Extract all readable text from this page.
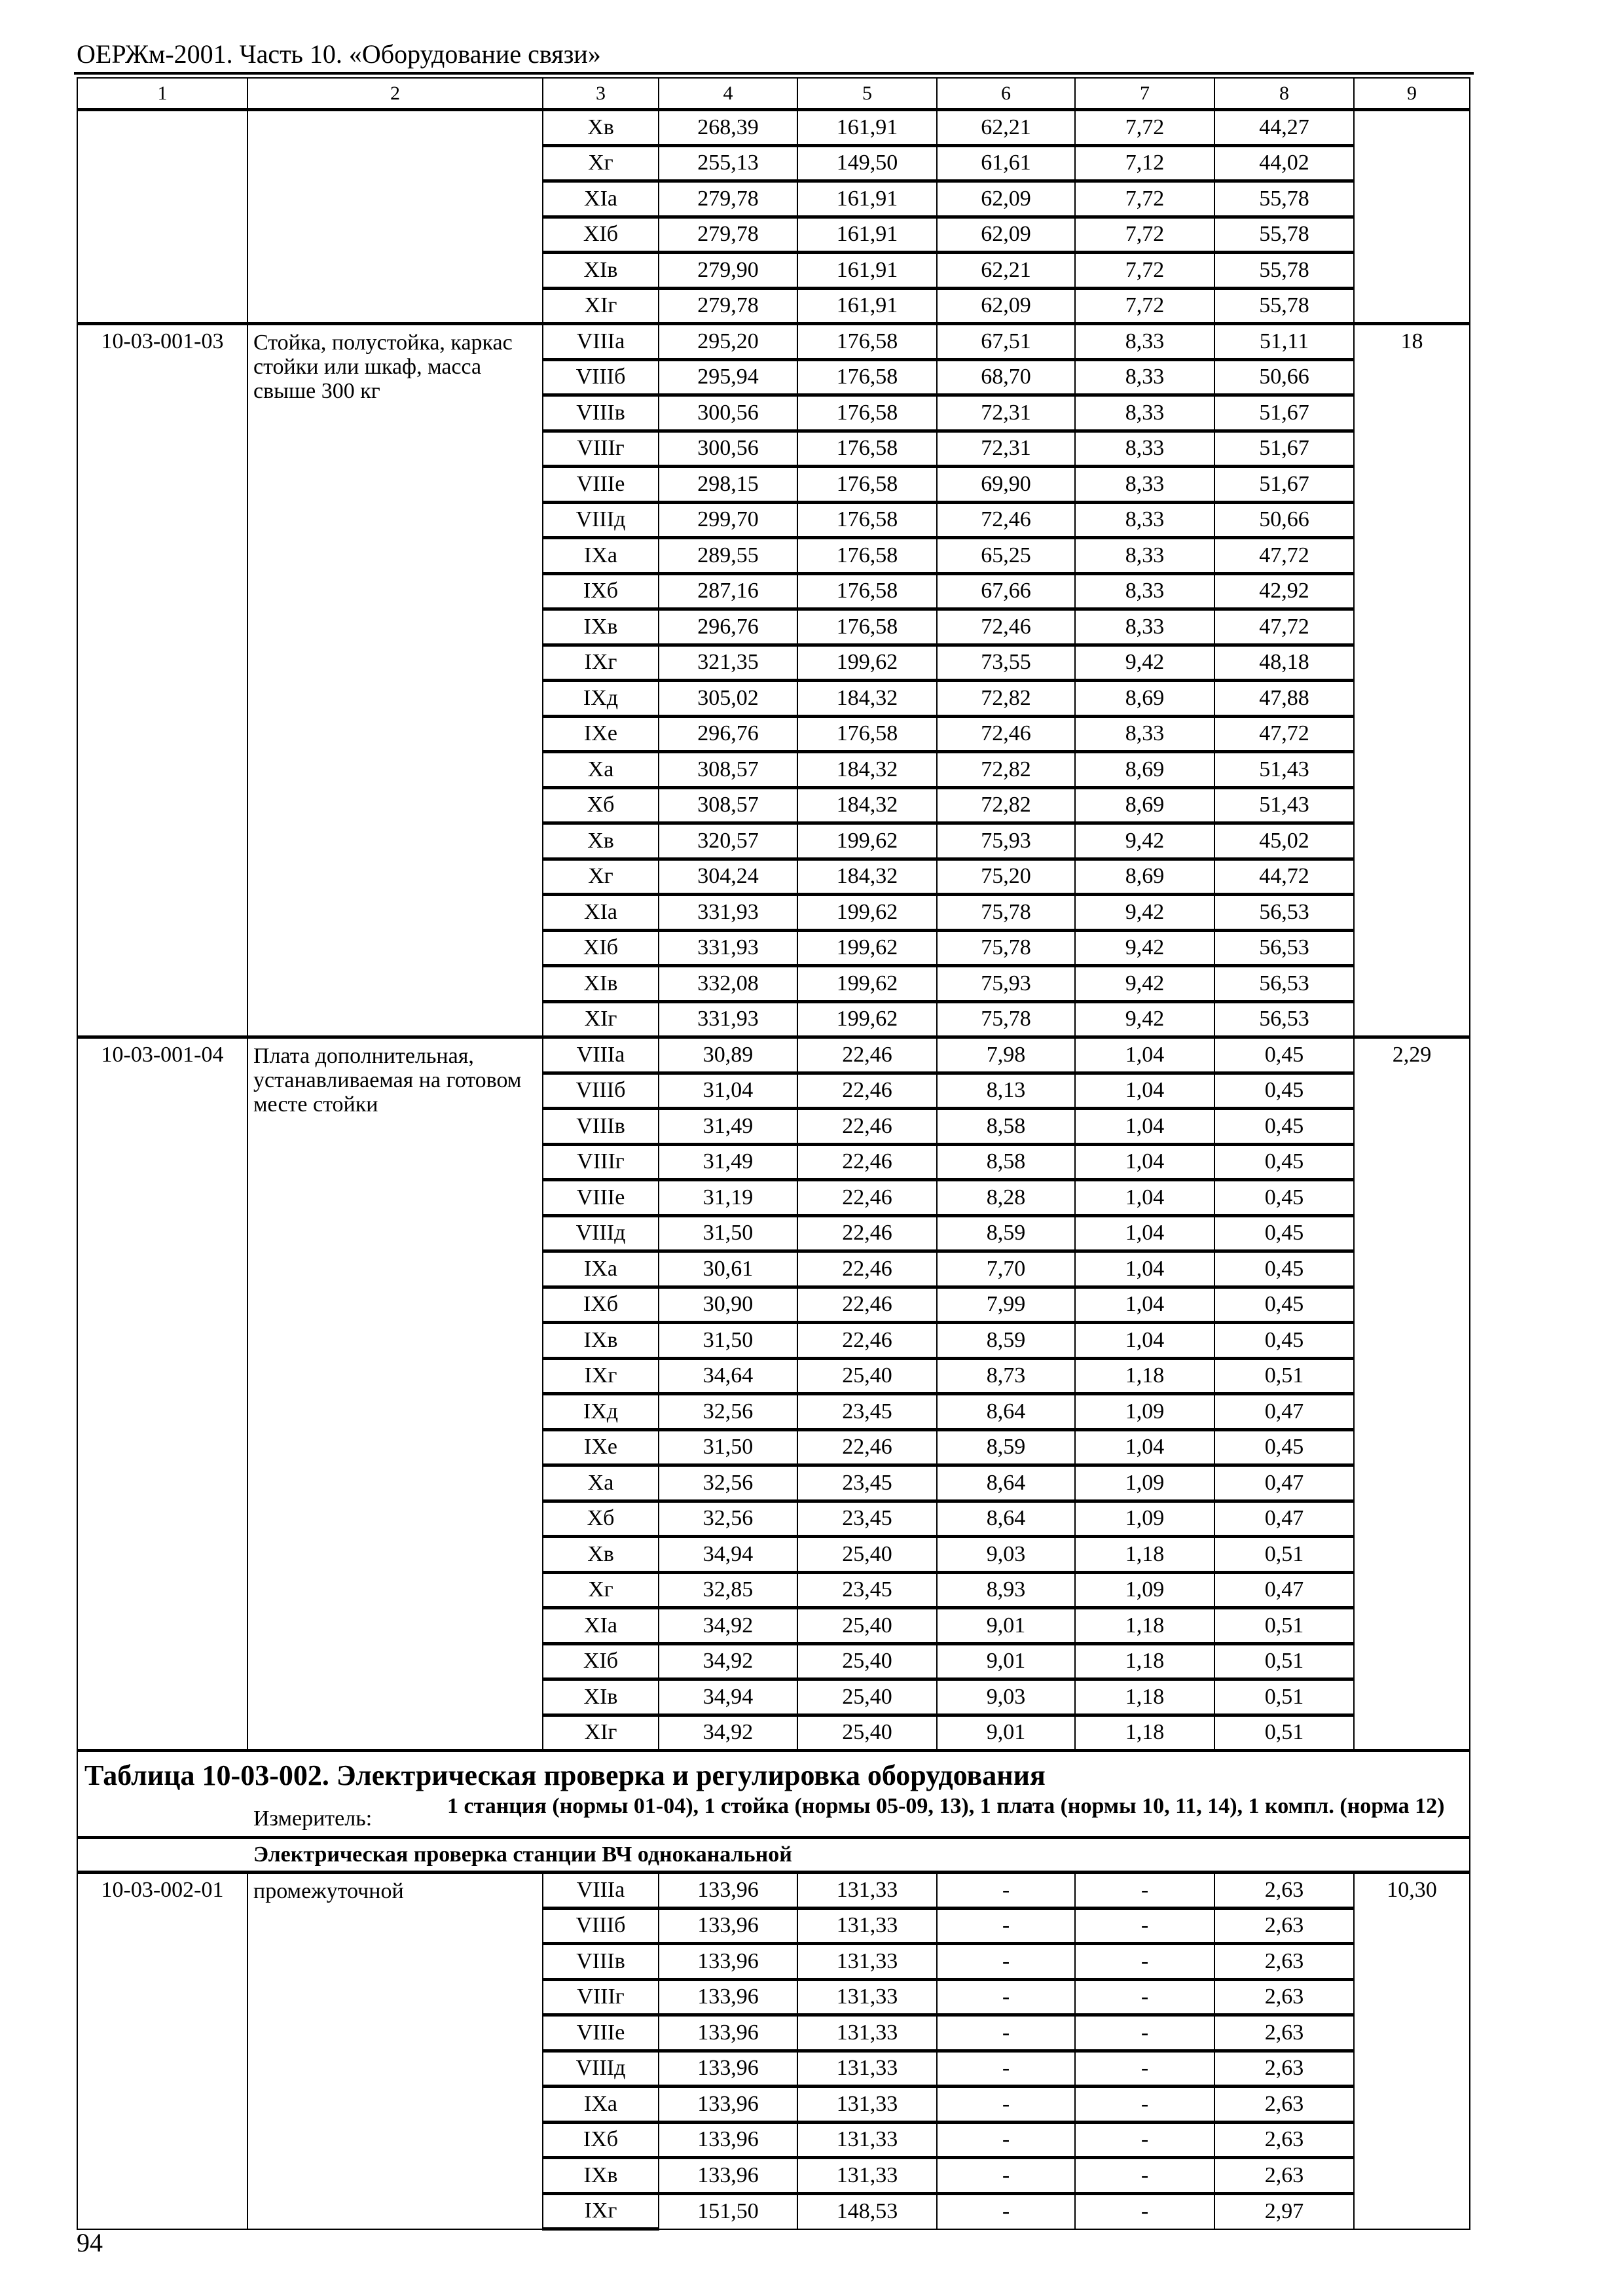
ОЕРЖм-2001. Часть 10. «Оборудование связи»
1	2	3	4	5	6	7	8	9
		Xв	268,39	161,91	62,21	7,72	44,27	
		Xг	255,13	149,50	61,61	7,12	44,02	
		XIа	279,78	161,91	62,09	7,72	55,78	
		XIб	279,78	161,91	62,09	7,72	55,78	
		XIв	279,90	161,91	62,21	7,72	55,78	
		XIг	279,78	161,91	62,09	7,72	55,78	
10-03-001-03	Стойка, полустойка, каркас стойки или шкаф, масса свыше 300 кг	VIIIа	295,20	176,58	67,51	8,33	51,11	18
		VIIIб	295,94	176,58	68,70	8,33	50,66	
		VIIIв	300,56	176,58	72,31	8,33	51,67	
		VIIIг	300,56	176,58	72,31	8,33	51,67	
		VIIIе	298,15	176,58	69,90	8,33	51,67	
		VIIIд	299,70	176,58	72,46	8,33	50,66	
		IXа	289,55	176,58	65,25	8,33	47,72	
		IXб	287,16	176,58	67,66	8,33	42,92	
		IXв	296,76	176,58	72,46	8,33	47,72	
		IXг	321,35	199,62	73,55	9,42	48,18	
		IXд	305,02	184,32	72,82	8,69	47,88	
		IXе	296,76	176,58	72,46	8,33	47,72	
		Xа	308,57	184,32	72,82	8,69	51,43	
		Xб	308,57	184,32	72,82	8,69	51,43	
		Xв	320,57	199,62	75,93	9,42	45,02	
		Xг	304,24	184,32	75,20	8,69	44,72	
		XIа	331,93	199,62	75,78	9,42	56,53	
		XIб	331,93	199,62	75,78	9,42	56,53	
		XIв	332,08	199,62	75,93	9,42	56,53	
		XIг	331,93	199,62	75,78	9,42	56,53	
10-03-001-04	Плата дополнительная, устанавливаемая на готовом месте стойки	VIIIа	30,89	22,46	7,98	1,04	0,45	2,29
		VIIIб	31,04	22,46	8,13	1,04	0,45	
		VIIIв	31,49	22,46	8,58	1,04	0,45	
		VIIIг	31,49	22,46	8,58	1,04	0,45	
		VIIIе	31,19	22,46	8,28	1,04	0,45	
		VIIIд	31,50	22,46	8,59	1,04	0,45	
		IXа	30,61	22,46	7,70	1,04	0,45	
		IXб	30,90	22,46	7,99	1,04	0,45	
		IXв	31,50	22,46	8,59	1,04	0,45	
		IXг	34,64	25,40	8,73	1,18	0,51	
		IXд	32,56	23,45	8,64	1,09	0,47	
		IXе	31,50	22,46	8,59	1,04	0,45	
		Xа	32,56	23,45	8,64	1,09	0,47	
		Xб	32,56	23,45	8,64	1,09	0,47	
		Xв	34,94	25,40	9,03	1,18	0,51	
		Xг	32,85	23,45	8,93	1,09	0,47	
		XIа	34,92	25,40	9,01	1,18	0,51	
		XIб	34,92	25,40	9,01	1,18	0,51	
		XIв	34,94	25,40	9,03	1,18	0,51	
		XIг	34,92	25,40	9,01	1,18	0,51	

Таблица 10-03-002. Электрическая проверка и регулировка оборудования
Измеритель:
1 станция (нормы 01-04), 1 стойка (нормы 05-09, 13), 1 плата (нормы 10, 11, 14), 1 компл. (норма 12)								

Электрическая проверка станции ВЧ одноканальной								
10-03-002-01	промежуточной	VIIIа	133,96	131,33	-	-	2,63	10,30
		VIIIб	133,96	131,33	-	-	2,63	
		VIIIв	133,96	131,33	-	-	2,63	
		VIIIг	133,96	131,33	-	-	2,63	
		VIIIе	133,96	131,33	-	-	2,63	
		VIIIд	133,96	131,33	-	-	2,63	
		IXа	133,96	131,33	-	-	2,63	
		IXб	133,96	131,33	-	-	2,63	
		IXв	133,96	131,33	-	-	2,63	
		IXг	151,50	148,53	-	-	2,97	
94
